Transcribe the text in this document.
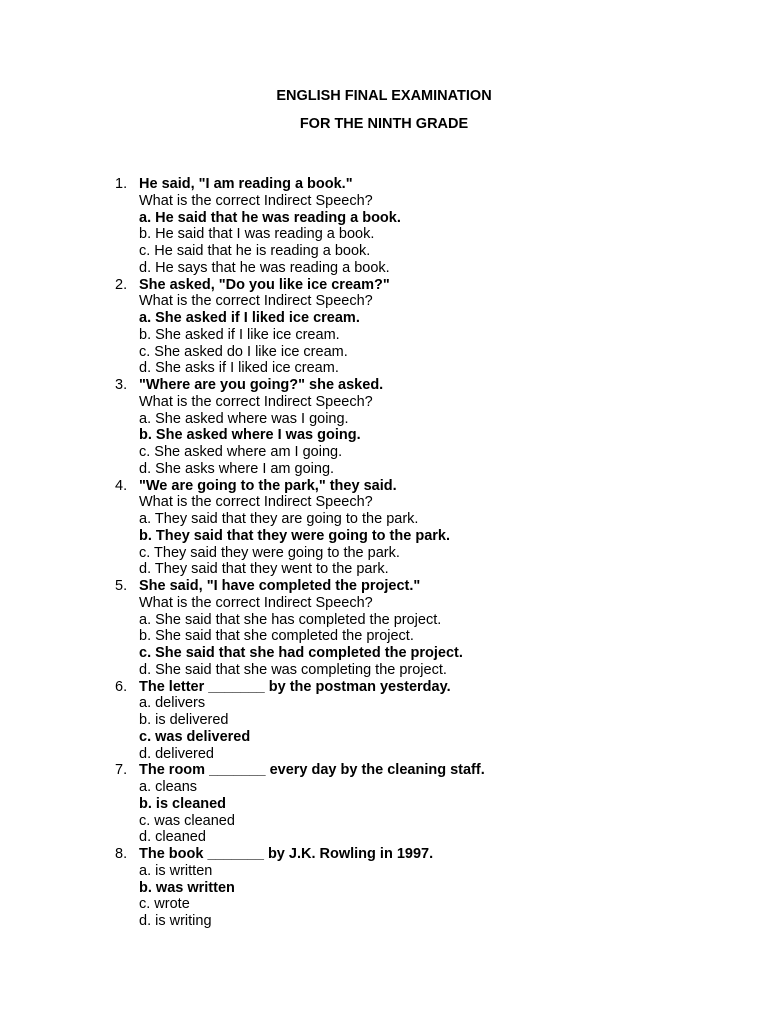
ENGLISH FINAL EXAMINATION
FOR THE NINTH GRADE
1. He said, "I am reading a book."
What is the correct Indirect Speech?
a. He said that he was reading a book.
b. He said that I was reading a book.
c. He said that he is reading a book.
d. He says that he was reading a book.
2. She asked, "Do you like ice cream?"
What is the correct Indirect Speech?
a. She asked if I liked ice cream.
b. She asked if I like ice cream.
c. She asked do I like ice cream.
d. She asks if I liked ice cream.
3. "Where are you going?" she asked.
What is the correct Indirect Speech?
a. She asked where was I going.
b. She asked where I was going.
c. She asked where am I going.
d. She asks where I am going.
4. "We are going to the park," they said.
What is the correct Indirect Speech?
a. They said that they are going to the park.
b. They said that they were going to the park.
c. They said they were going to the park.
d. They said that they went to the park.
5. She said, "I have completed the project."
What is the correct Indirect Speech?
a. She said that she has completed the project.
b. She said that she completed the project.
c. She said that she had completed the project.
d. She said that she was completing the project.
6. The letter _______ by the postman yesterday.
a. delivers
b. is delivered
c. was delivered
d. delivered
7. The room _______ every day by the cleaning staff.
a. cleans
b. is cleaned
c. was cleaned
d. cleaned
8. The book _______ by J.K. Rowling in 1997.
a. is written
b. was written
c. wrote
d. is writing
